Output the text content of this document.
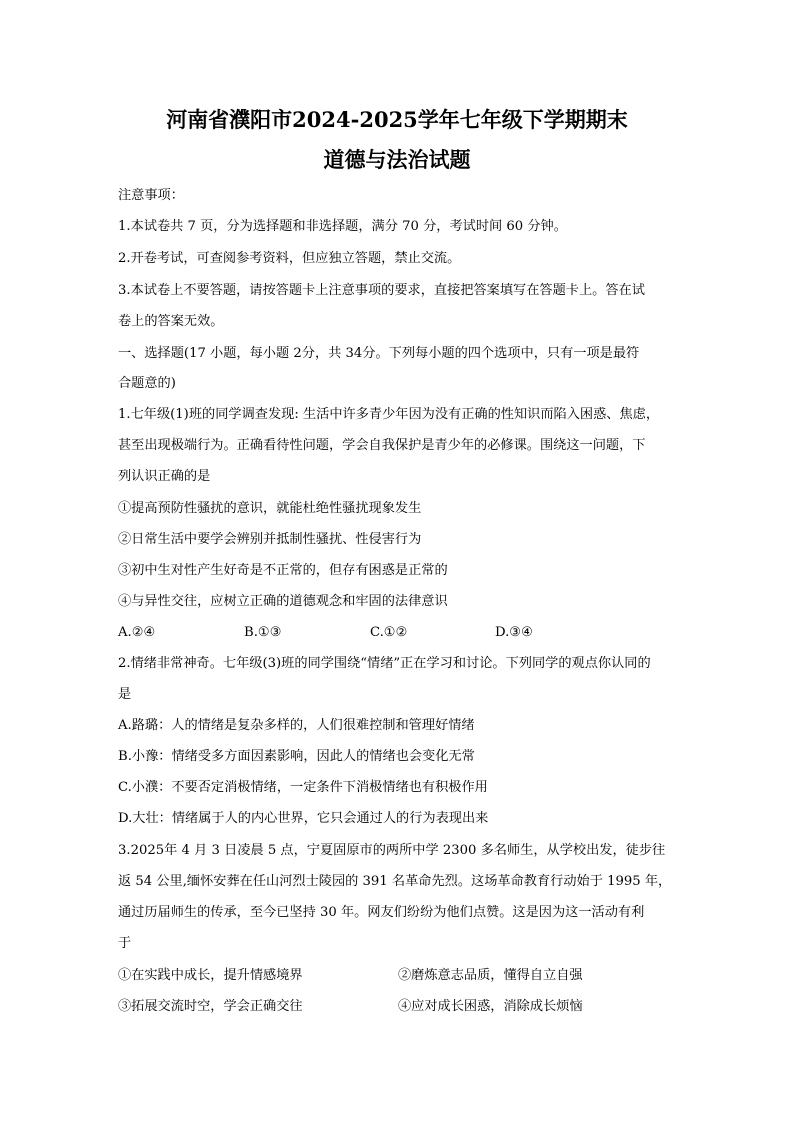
河南省濮阳市2024-2025学年七年级下学期期末
道德与法治试题
注意事项：
1.本试卷共 7 页，分为选择题和非选择题，满分 70 分，考试时间 60 分钟。
2.开卷考试，可查阅参考资料，但应独立答题，禁止交流。
3.本试卷上不要答题，请按答题卡上注意事项的要求，直接把答案填写在答题卡上。答在试
卷上的答案无效。
一、选择题(17 小题，每小题 2分，共 34分。下列每小题的四个选项中，只有一项是最符
合题意的)
1.七年级(1)班的同学调查发现: 生活中许多青少年因为没有正确的性知识而陷入困惑、焦虑，
甚至出现极端行为。正确看待性问题，学会自我保护是青少年的必修课。围绕这一问题，下
列认识正确的是
①提高预防性骚扰的意识，就能杜绝性骚扰现象发生
②日常生活中要学会辨别并抵制性骚扰、性侵害行为
③初中生对性产生好奇是不正常的，但存有困惑是正常的
④与异性交往，应树立正确的道德观念和牢固的法律意识
A.②④	B.①③	C.①②	D.③④
2.情绪非常神奇。七年级(3)班的同学围绕“情绪”正在学习和讨论。下列同学的观点你认同的
是
A.路璐：人的情绪是复杂多样的，人们很难控制和管理好情绪
B.小豫：情绪受多方面因素影响，因此人的情绪也会变化无常
C.小濮：不要否定消极情绪，一定条件下消极情绪也有积极作用
D.大壮：情绪属于人的内心世界，它只会通过人的行为表现出来
3.2025年 4 月 3 日凌晨 5 点，宁夏固原市的两所中学 2300 多名师生，从学校出发，徒步往
返 54 公里,缅怀安葬在任山河烈士陵园的 391 名革命先烈。这场革命教育行动始于 1995 年，
通过历届师生的传承，至今已坚持 30 年。网友们纷纷为他们点赞。这是因为这一活动有利
于
①在实践中成长，提升情感境界	②磨炼意志品质，懂得自立自强
③拓展交流时空，学会正确交往	④应对成长困惑，消除成长烦恼
